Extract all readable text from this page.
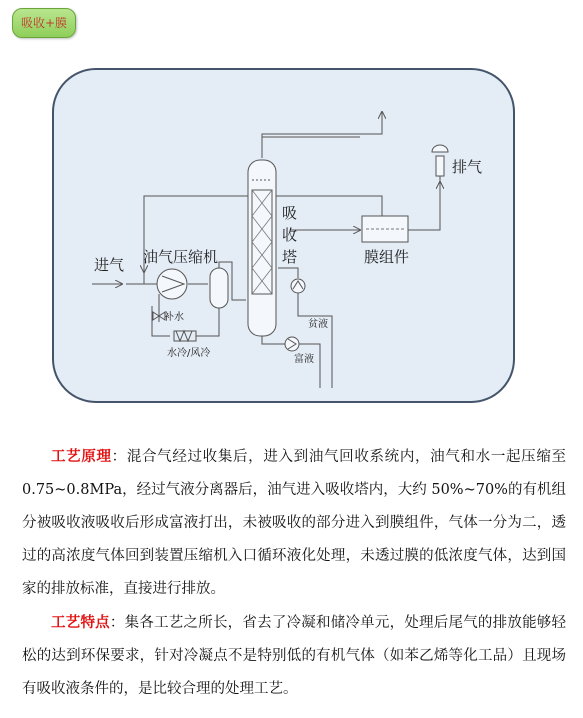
吸收+膜
进气 油气压缩机
补水
水冷/风冷
吸
收
塔	膜组件
排气
贫液
富液

工艺原理：混合气经过收集后，进入到油气回收系统内，油气和水一起压缩至0.75~0.8MPa，经过气液分离器后，油气进入吸收塔内，大约 50%~70%的有机组分被吸收液吸收后形成富液打出，未被吸收的部分进入到膜组件，气体一分为二，透过的高浓度气体回到装置压缩机入口循环液化处理，未透过膜的低浓度气体，达到国家的排放标准，直接进行排放。

工艺特点：集各工艺之所长，省去了冷凝和储冷单元，处理后尾气的排放能够轻松的达到环保要求，针对冷凝点不是特别低的有机气体（如苯乙烯等化工品）且现场有吸收液条件的，是比较合理的处理工艺。
